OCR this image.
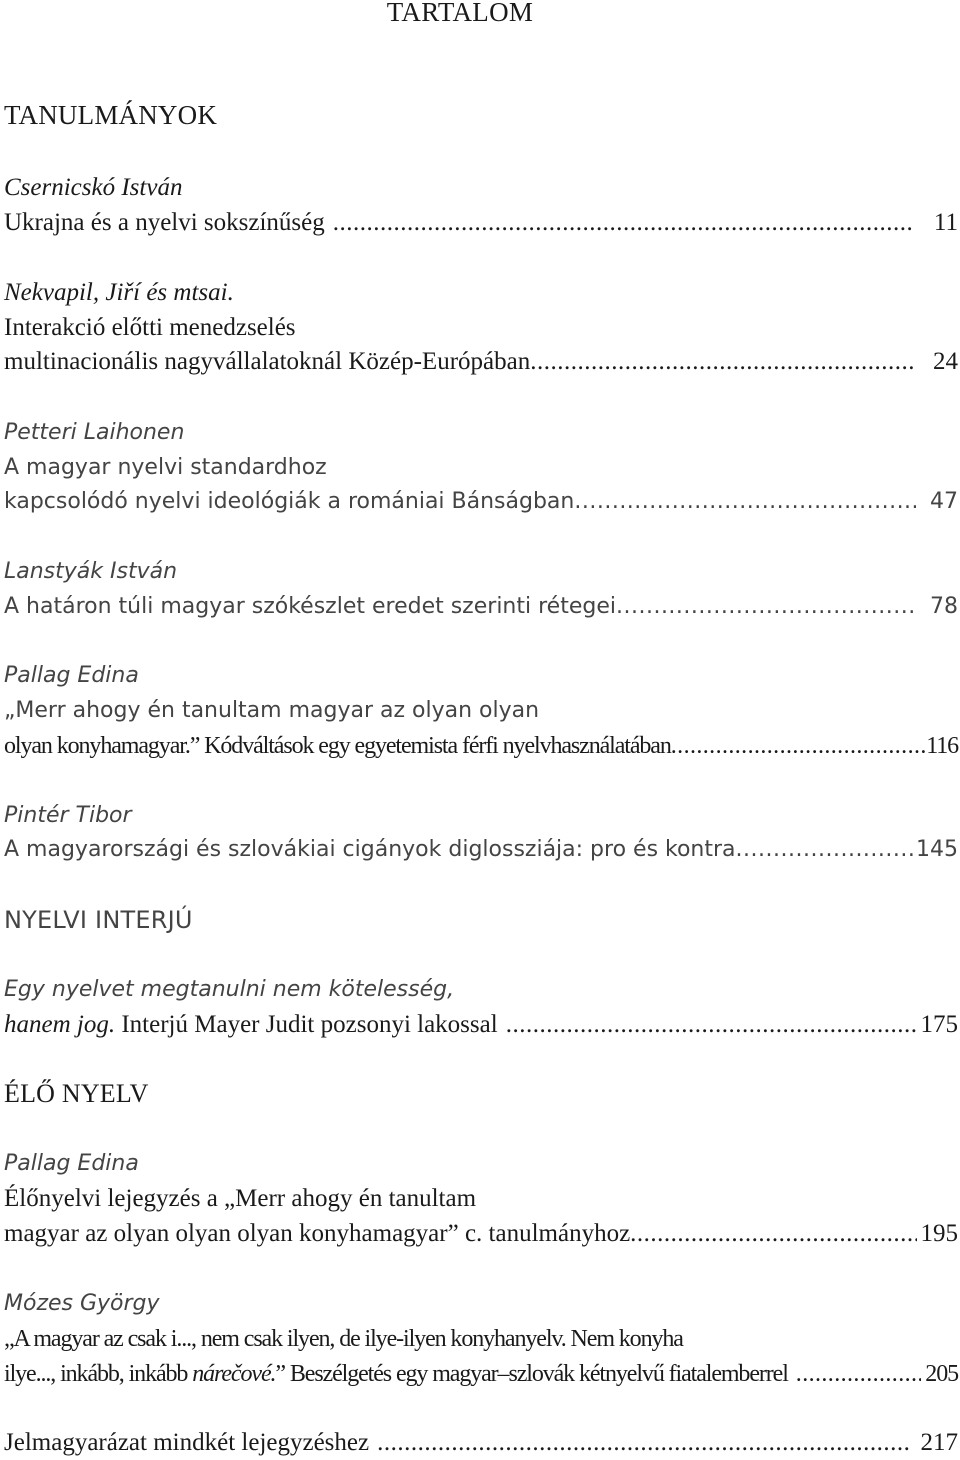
TARTALOM
TANULMÁNYOK
Csernicskó István
Ukrajna és a nyelvi sokszínűség .....	11
Nekvapil, Jiří és mtsai.
Interakció előtti menedzselés
multinacionális nagyvállalatoknál Közép-Európában .....	24
Petteri Laihonen
A magyar nyelvi standardhoz
kapcsolódó nyelvi ideológiák a romániai Bánságban .....	47
Lanstyák István
A határon túli magyar szókészlet eredet szerinti rétegei .....	78
Pallag Edina
„Merr ahogy én tanultam magyar az olyan olyan
olyan konyhamagyar.” Kódváltások egy egyetemista férfi nyelvhasználatában .....	116
Pintér Tibor
A magyarországi és szlovákiai cigányok diglossziája: pro és kontra .....	145
NYELVI INTERJÚ
Egy nyelvet megtanulni nem kötelesség,
hanem jog. Interjú Mayer Judit pozsonyi lakossal .....	175
ÉLŐ NYELV
Pallag Edina
Élőnyelvi lejegyzés a „Merr ahogy én tanultam
magyar az olyan olyan olyan konyhamagyar” c. tanulmányhoz .....	195
Mózes György
„A magyar az csak i..., nem csak ilyen, de ilye-ilyen konyhanyelv. Nem konyha
ilye..., inkább, inkább nárečové.” Beszélgetés egy magyar–szlovák kétnyelvű fiatalemberrel .....	205
Jelmagyarázat mindkét lejegyzéshez .....	217
